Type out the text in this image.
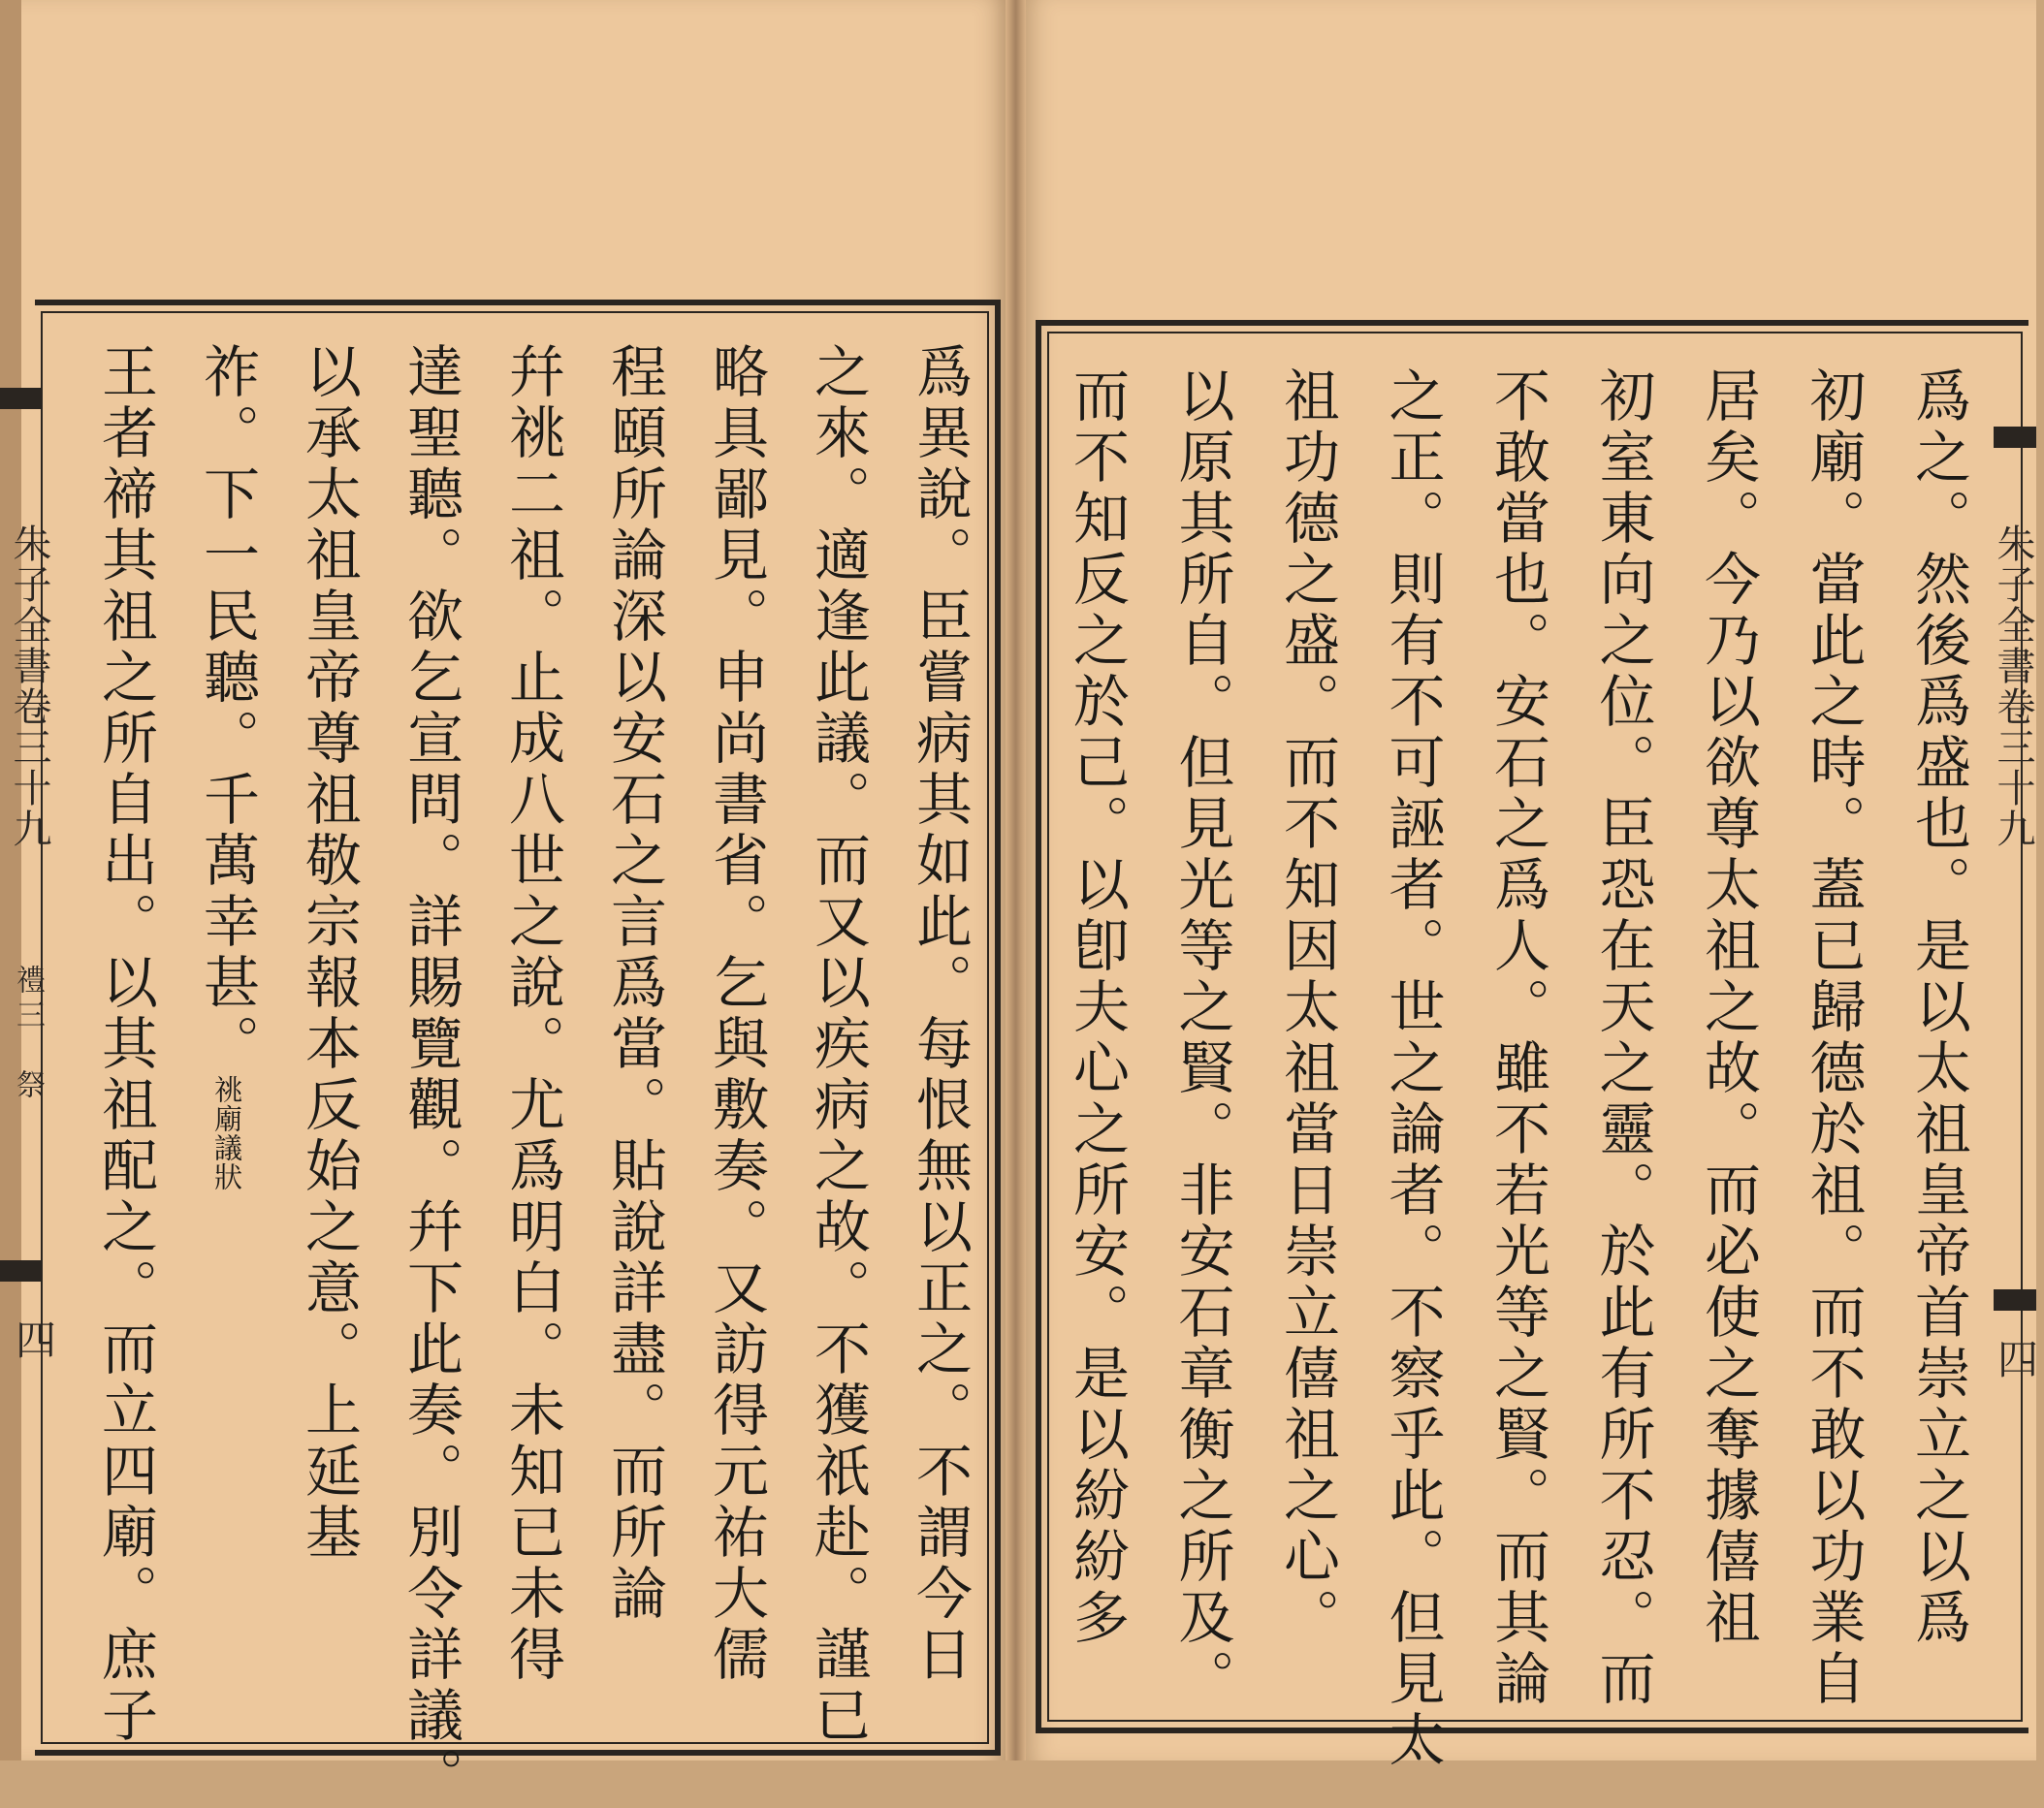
朱子全書卷三十九
禮三　祭
四	爲異說。臣嘗病其如此。每恨無以正之。不謂今日
之來。適逢此議。而又以疾病之故。不獲祇赴。謹已
略具鄙見。申尚書省。乞與敷奏。又訪得元祐大儒
程頤所論深以安石之言爲當。貼說詳盡。而所論
幷祧二祖。止成八世之說。尤爲明白。未知已未得
達聖聽。欲乞宣問。詳賜覽觀。幷下此奏。別令詳議。
以承太祖皇帝尊祖敬宗報本反始之意。上延基
祚。下一民聽。千萬幸甚。祧廟議狀
王者禘其祖之所自出。以其祖配之。而立四廟。庶子	爲之。然後爲盛也。是以太祖皇帝首崇立之以爲
初廟。當此之時。蓋已歸德於祖。而不敢以功業自
居矣。今乃以欲尊太祖之故。而必使之奪據僖祖
初室東向之位。臣恐在天之靈。於此有所不忍。而
不敢當也。安石之爲人。雖不若光等之賢。而其論
之正。則有不可誣者。世之論者。不察乎此。但見太
祖功德之盛。而不知因太祖當日崇立僖祖之心。
以原其所自。但見光等之賢。非安石章衡之所及。
而不知反之於己。以卽夫心之所安。是以紛紛多	朱子全書卷三十九
四
